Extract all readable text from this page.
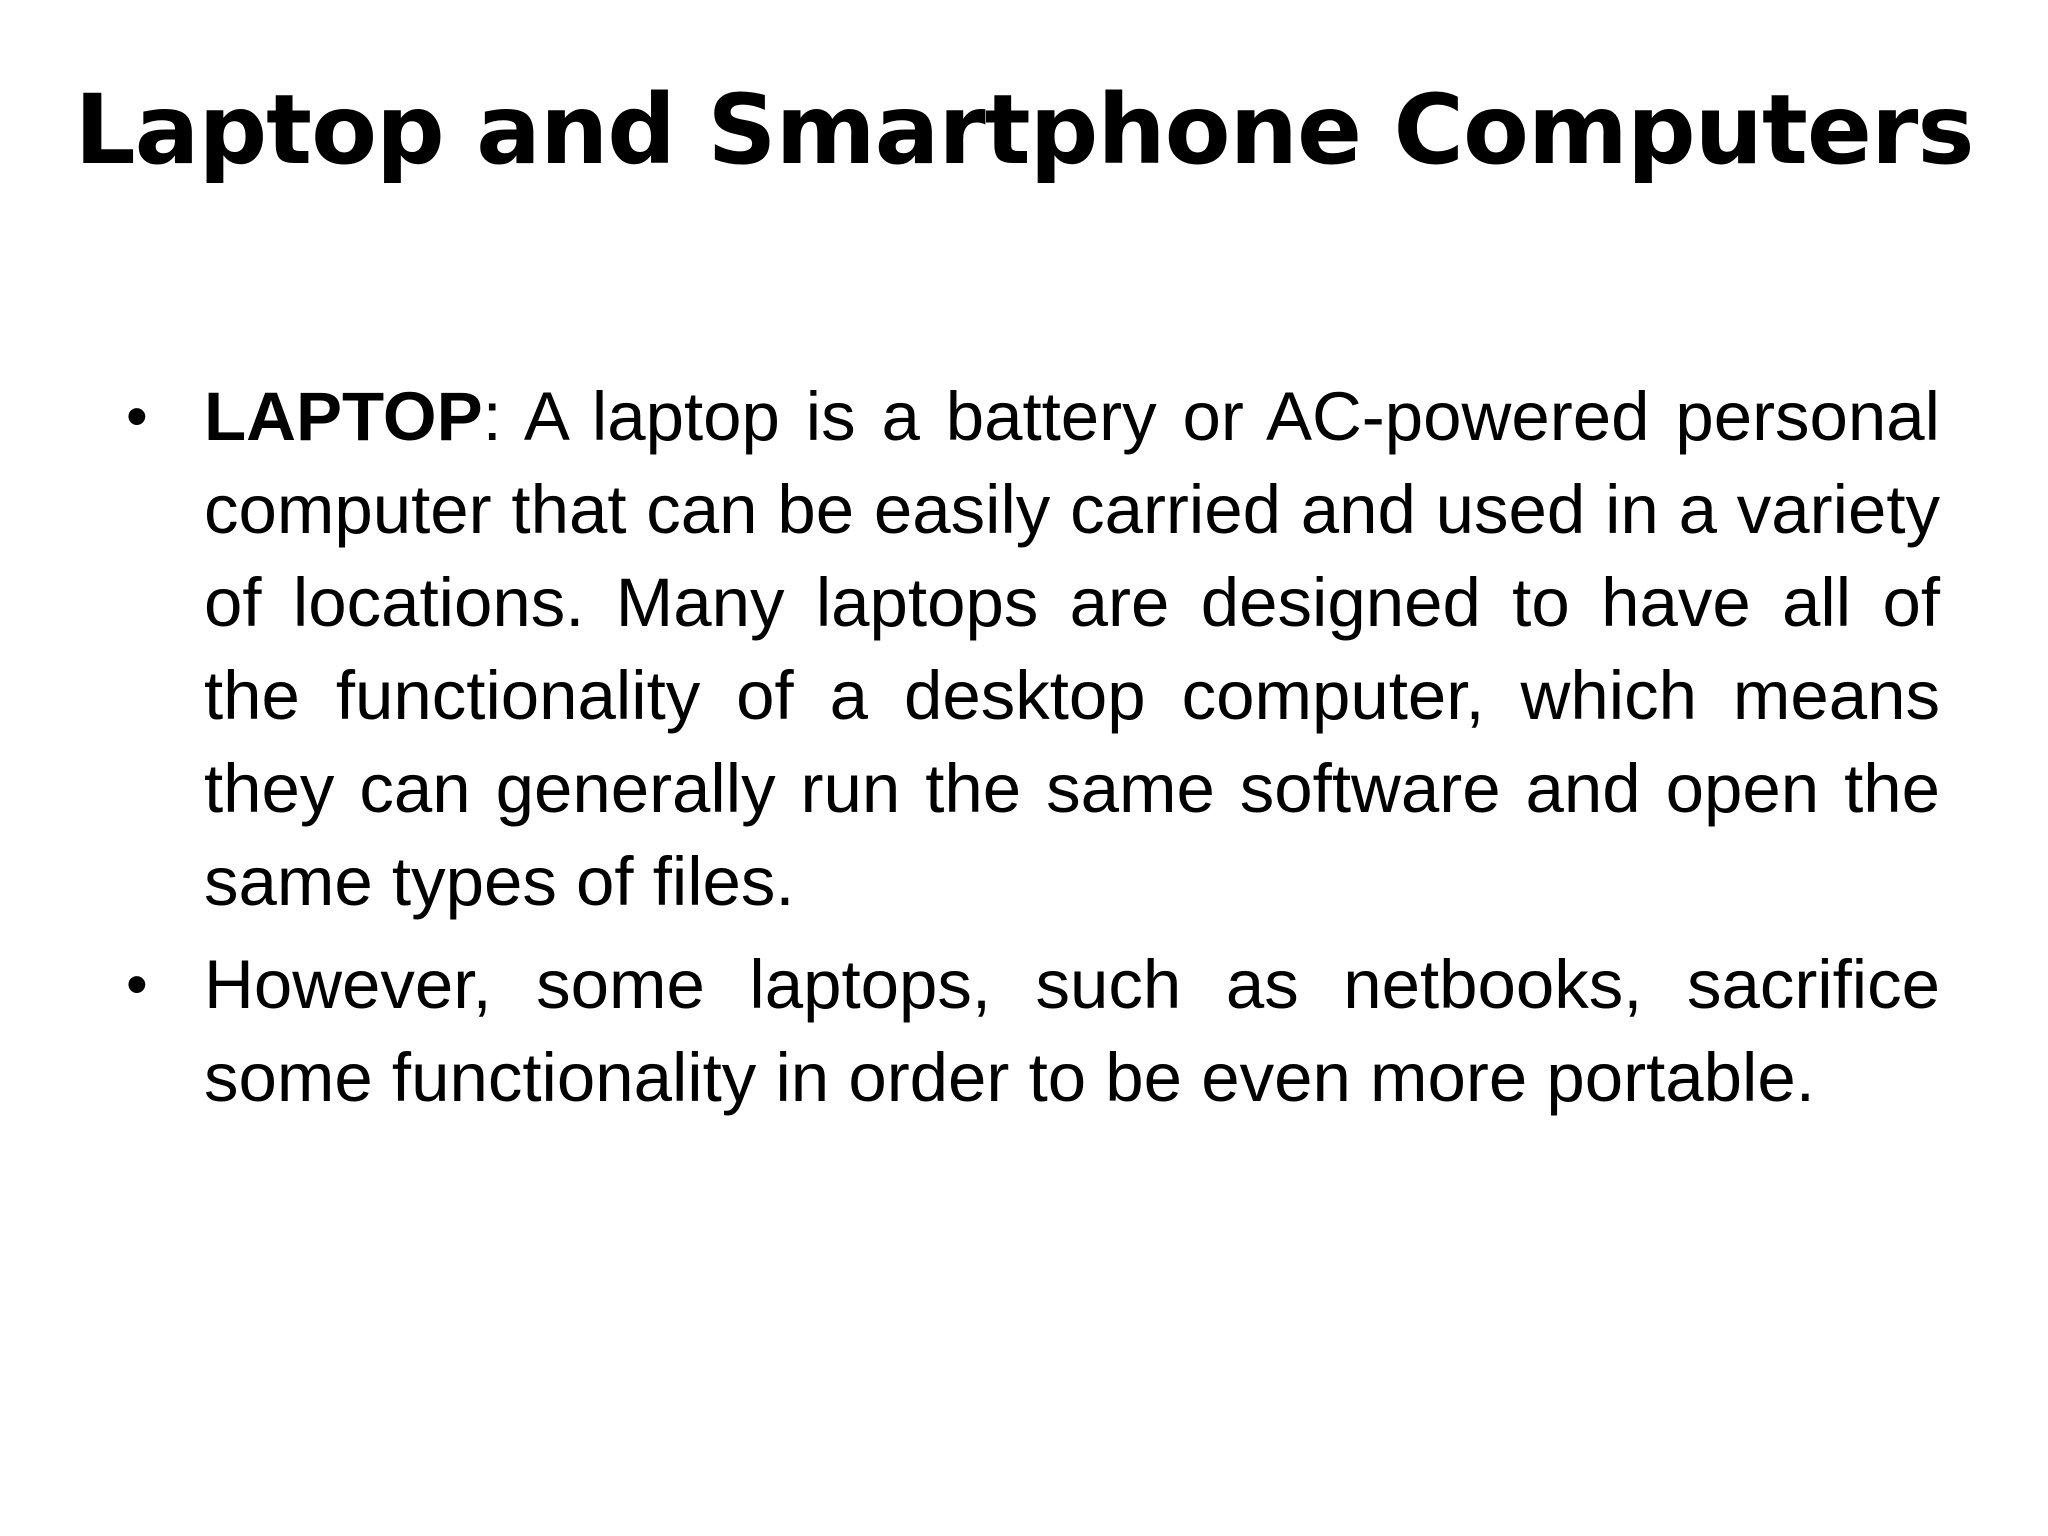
Laptop and Smartphone Computers
• LAPTOP: A laptop is a battery or AC-powered personal computer that can be easily carried and used in a variety of locations. Many laptops are designed to have all of the functionality of a desktop computer, which means they can generally run the same software and open the same types of files.
• However, some laptops, such as netbooks, sacrifice some functionality in order to be even more portable.
